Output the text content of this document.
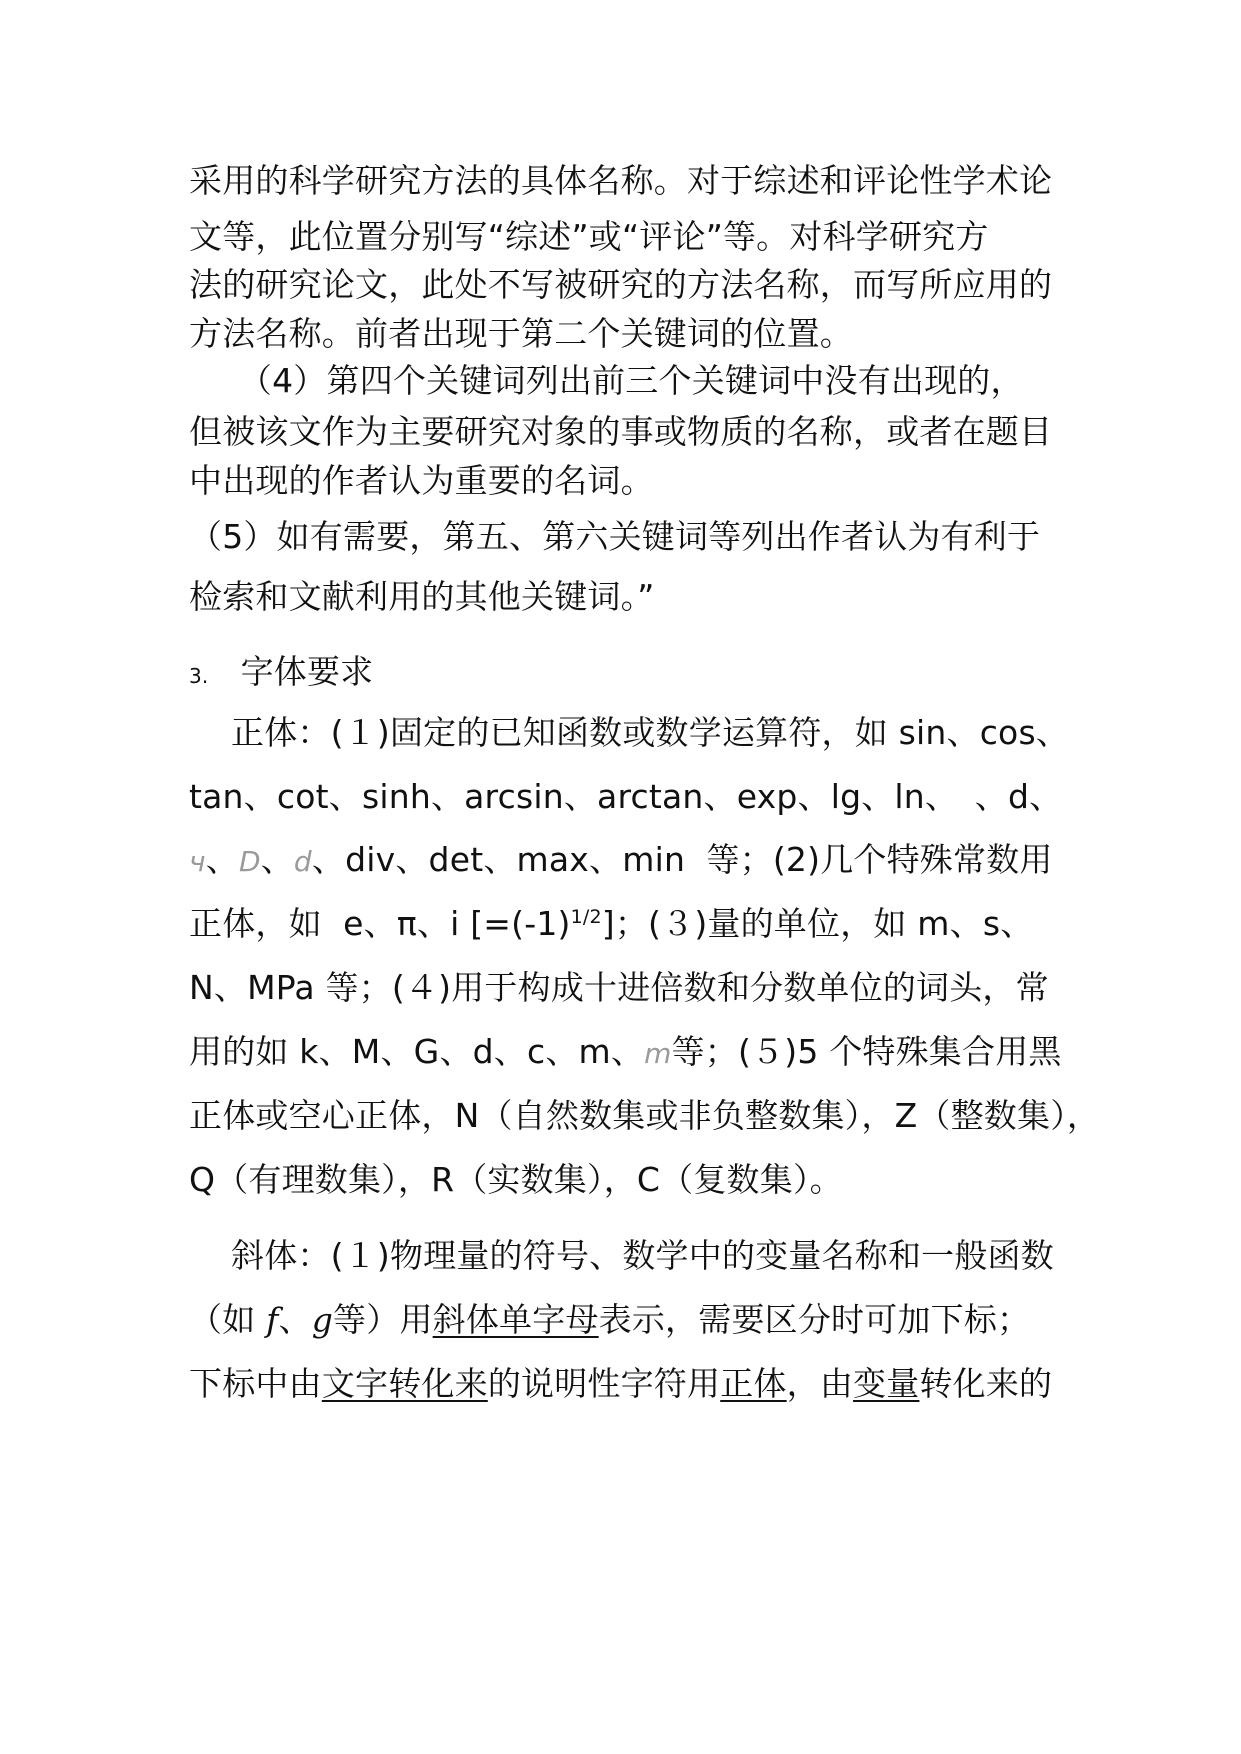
采用的科学研究方法的具体名称。对于综述和评论性学术论
文等，此位置分别写“综述”或“评论”等。对科学研究方
法的研究论文，此处不写被研究的方法名称，而写所应用的
方法名称。前者出现于第二个关键词的位置。
　　（4）第四个关键词列出前三个关键词中没有出现的，
但被该文作为主要研究对象的事或物质的名称，或者在题目
中出现的作者认为重要的名词。
（5）如有需要，第五、第六关键词等列出作者认为有利于
检索和文献利用的其他关键词。”
3. 字体要求
正体：(１)固定的已知函数或数学运算符，如 sin、cos、
tan、cot、sinh、arcsin、arctan、exp、lg、ln、　、d、
ч、D、d、div、det、max、min  等；(2)几个特殊常数用
正体，如  e、π、i $[=(-1)^{1/2}]$；(３)量的单位，如 m、s、
N、MPa 等；(４)用于构成十进倍数和分数单位的词头，常
用的如 k、M、G、d、c、m、m等；(５)5 个特殊集合用黑
正体或空心正体，N（自然数集或非负整数集），Z（整数集），
Q（有理数集），R（实数集），C（复数集）。
斜体：(１)物理量的符号、数学中的变量名称和一般函数
（如 f、g等）用斜体单字母表示，需要区分时可加下标；
下标中由文字转化来的说明性字符用正体，由变量转化来的
